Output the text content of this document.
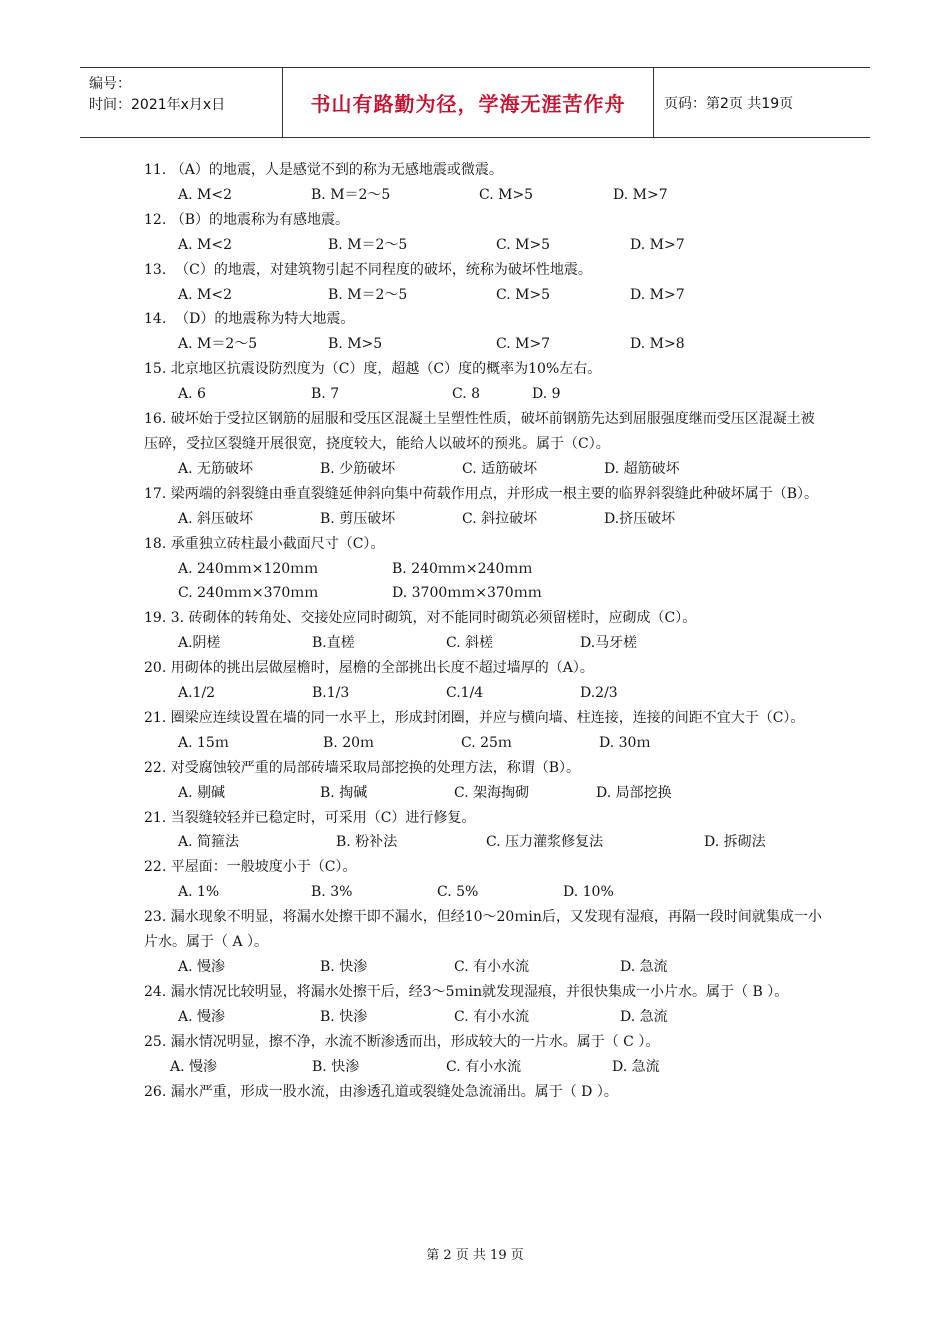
编号：
时间：2021年x月x日	书山有路勤为径，学海无涯苦作舟	页码：第2页 共19页
11. （A）的地震，人是感觉不到的称为无感地震或微震。
A. M<2	B. M＝2～5	C. M>5	D. M>7
12. （B）的地震称为有感地震。
A. M<2	B. M＝2～5	C. M>5	D. M>7
13.  （C）的地震，对建筑物引起不同程度的破坏，统称为破坏性地震。
A. M<2	B. M＝2～5	C. M>5	D. M>7
14.  （D）的地震称为特大地震。
A. M＝2～5	B. M>5	C. M>7	D. M>8
15. 北京地区抗震设防烈度为（C）度，超越（C）度的概率为10%左右。
A. 6	B. 7	C. 8	D. 9
16. 破坏始于受拉区钢筋的屈服和受压区混凝土呈塑性性质，破坏前钢筋先达到屈服强度继而受压区混凝土被压碎，受拉区裂缝开展很宽，挠度较大，能给人以破坏的预兆。属于（C）。
A. 无筋破坏	B. 少筋破坏	C. 适筋破坏	D. 超筋破坏
17. 梁两端的斜裂缝由垂直裂缝延伸斜向集中荷载作用点，并形成一根主要的临界斜裂缝此种破坏属于（B）。
A. 斜压破坏	B. 剪压破坏	C. 斜拉破坏	D.挤压破坏
18. 承重独立砖柱最小截面尺寸（C）。
A. 240ｍｍ×120ｍｍ	B. 240ｍｍ×240ｍｍ
C. 240ｍｍ×370ｍｍ	D. 3700ｍｍ×370ｍｍ
19. 3. 砖砌体的转角处、交接处应同时砌筑，对不能同时砌筑必须留槎时，应砌成（C）。
A.阴槎	B.直槎	C. 斜槎	D.马牙槎
20. 用砌体的挑出层做屋檐时，屋檐的全部挑出长度不超过墙厚的（A）。
A.1/2	B.1/3	C.1/4	D.2/3
21. 圈梁应连续设置在墙的同一水平上，形成封闭圈，并应与横向墙、柱连接，连接的间距不宜大于（C）。
A. 15ｍ	B. 20ｍ	C. 25ｍ	D. 30ｍ
22. 对受腐蚀较严重的局部砖墙采取局部挖换的处理方法，称谓（B）。
A. 剔碱	B. 掏碱	C. 架海掏砌	D. 局部挖换
21. 当裂缝较轻并已稳定时，可采用（C）进行修复。
A. 简箍法	B. 粉补法	C. 压力灌浆修复法	D. 拆砌法
22. 平屋面：一般坡度小于（C）。
A. 1%	B. 3%	C. 5%	D. 10%
23. 漏水现象不明显，将漏水处擦干即不漏水，但经10～20ｍin后，又发现有湿痕，再隔一段时间就集成一小片水。属于（ A ）。
A. 慢渗	B. 快渗	C. 有小水流	D. 急流
24. 漏水情况比较明显，将漏水处擦干后，经3～5ｍin就发现湿痕，并很快集成一小片水。属于（ B ）。
A. 慢渗	B. 快渗	C. 有小水流	D. 急流
25. 漏水情况明显，擦不净，水流不断渗透而出，形成较大的一片水。属于（ C ）。
A. 慢渗	B. 快渗	C. 有小水流	D. 急流
26. 漏水严重，形成一股水流，由渗透孔道或裂缝处急流涌出。属于（ D ）。
第 2 页 共 19 页
